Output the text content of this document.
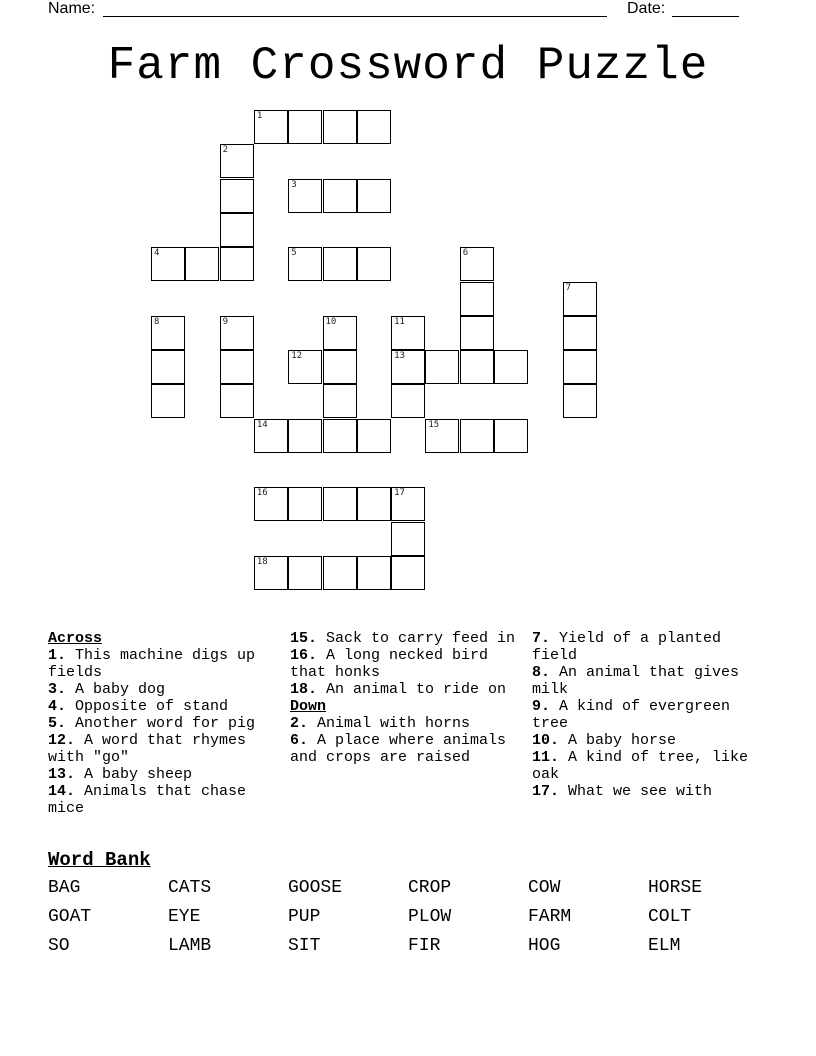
Name:	Date:
Farm Crossword Puzzle
1
2
3
4	5	6
7
8	9	10	11
12	13
14	15
16	17
18
Across
1. This machine digs up fields
3. A baby dog
4. Opposite of stand
5. Another word for pig
12. A word that rhymes with "go"
13. A baby sheep
14. Animals that chase mice
15. Sack to carry feed in
16. A long necked bird that honks
18. An animal to ride on
Down
2. Animal with horns
6. A place where animals and crops are raised
7. Yield of a planted field
8. An animal that gives milk
9. A kind of evergreen tree
10. A baby horse
11. A kind of tree, like oak
17. What we see with
Word Bank
BAG	CATS	GOOSE	CROP	COW	HORSE
GOAT	EYE	PUP	PLOW	FARM	COLT
SO	LAMB	SIT	FIR	HOG	ELM
